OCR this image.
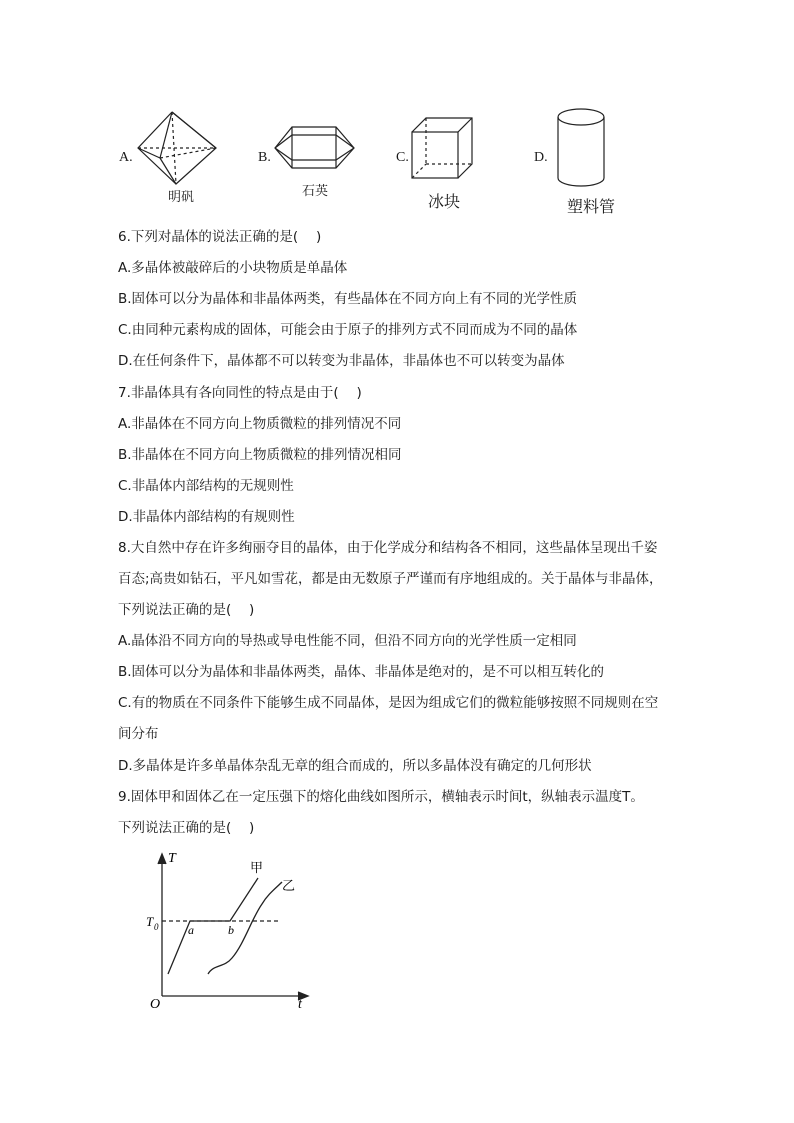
A.
明矾
B.
石英
C.
冰块
D.
塑料管
6.下列对晶体的说法正确的是(　 )
A.多晶体被敲碎后的小块物质是单晶体
B.固体可以分为晶体和非晶体两类，有些晶体在不同方向上有不同的光学性质
C.由同种元素构成的固体，可能会由于原子的排列方式不同而成为不同的晶体
D.在任何条件下，晶体都不可以转变为非晶体，非晶体也不可以转变为晶体
7.非晶体具有各向同性的特点是由于(　 )
A.非晶体在不同方向上物质微粒的排列情况不同
B.非晶体在不同方向上物质微粒的排列情况相同
C.非晶体内部结构的无规则性
D.非晶体内部结构的有规则性
8.大自然中存在许多绚丽夺目的晶体，由于化学成分和结构各不相同，这些晶体呈现出千姿
百态;高贵如钻石，平凡如雪花，都是由无数原子严谨而有序地组成的。关于晶体与非晶体，
下列说法正确的是(　 )
A.晶体沿不同方向的导热或导电性能不同，但沿不同方向的光学性质一定相同
B.固体可以分为晶体和非晶体两类，晶体、非晶体是绝对的，是不可以相互转化的
C.有的物质在不同条件下能够生成不同晶体，是因为组成它们的微粒能够按照不同规则在空
间分布
D.多晶体是许多单晶体杂乱无章的组合而成的，所以多晶体没有确定的几何形状
9.固体甲和固体乙在一定压强下的熔化曲线如图所示，横轴表示时间t，纵轴表示温度T。
下列说法正确的是(　 )
T
t
O
T 0 a	b
甲
乙
